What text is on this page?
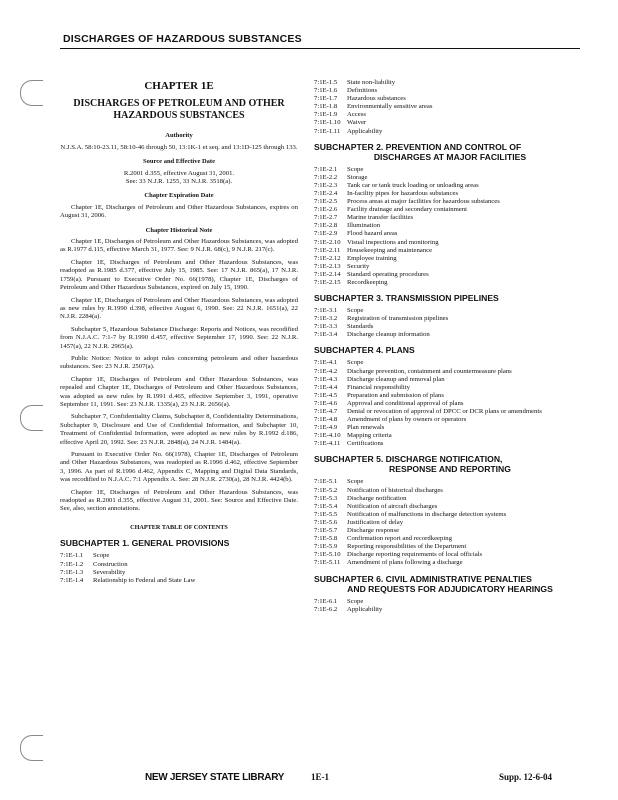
DISCHARGES OF HAZARDOUS SUBSTANCES
CHAPTER 1E
DISCHARGES OF PETROLEUM AND OTHER HAZARDOUS SUBSTANCES
Authority
N.J.S.A. 58:10-23.11, 58:10-46 through 50, 13:1K-1 et seq. and 13:1D-125 through 133.
Source and Effective Date
R.2001 d.355, effective August 31, 2001.
See: 33 N.J.R. 1255, 33 N.J.R. 3518(a).
Chapter Expiration Date

Chapter 1E, Discharges of Petroleum and Other Hazardous Substances, expires on August 31, 2006.

Chapter Historical Note

Chapter 1E, Discharges of Petroleum and Other Hazardous Substances, was adopted as R.1977 d.115, effective March 31, 1977. See: 9 N.J.R. 68(c), 9 N.J.R. 217(c).

Chapter 1E, Discharges of Petroleum and Other Hazardous Substances, was readopted as R.1985 d.377, effective July 15, 1985. See: 17 N.J.R. 865(a), 17 N.J.R. 1759(a). Pursuant to Executive Order No. 66(1978), Chapter 1E, Discharges of Petroleum and Other Hazardous Substances, expired on July 15, 1990.

Chapter 1E, Discharges of Petroleum and Other Hazardous Substances, was adopted as new rules by R.1990 d.398, effective August 6, 1990. See: 22 N.J.R. 1651(a), 22 N.J.R. 2284(a).

Subchapter 5, Hazardous Substance Discharge: Reports and Notices, was recodified from N.J.A.C. 7:1-7 by R.1990 d.457, effective September 17, 1990. See: 22 N.J.R. 1457(a), 22 N.J.R. 2965(a).

Public Notice: Notice to adopt rules concerning petroleum and other hazardous substances. See: 23 N.J.R. 2507(a).

Chapter 1E, Discharges of Petroleum and Other Hazardous Substances, was repealed and Chapter 1E, Discharges of Petroleum and Other Hazardous Substances, was adopted as new rules by R.1991 d.465, effective September 3, 1991, operative September 11, 1991. See: 23 N.J.R. 1335(a), 23 N.J.R. 2656(a).

Subchapter 7, Confidentiality Claims, Subchapter 8, Confidentiality Determinations, Subchapter 9, Disclosure and Use of Confidential Information, and Subchapter 10, Treatment of Confidential Information, were adopted as new rules by R.1992 d.186, effective April 20, 1992. See: 23 N.J.R. 2848(a), 24 N.J.R. 1484(a).

Pursuant to Executive Order No. 66(1978), Chapter 1E, Discharges of Petroleum and Other Hazardous Substances, was readopted as R.1996 d.462, effective September 3, 1996. As part of R.1996 d.462, Appendix C, Mapping and Digital Data Standards, was recodified to N.J.A.C. 7:1 Appendix A. See: 28 N.J.R. 2730(a), 28 N.J.R. 4424(b).

Chapter 1E, Discharges of Petroleum and Other Hazardous Substances, was readopted as R.2001 d.355, effective August 31, 2001. See: Source and Effective Date. See, also, section annotations.

CHAPTER TABLE OF CONTENTS
SUBCHAPTER 1. GENERAL PROVISIONS
7:1E-1.1	Scope
7:1E-1.2	Construction
7:1E-1.3	Severability
7:1E-1.4	Relationship to Federal and State Law
7:1E-1.5	State non-liability
7:1E-1.6	Definitions
7:1E-1.7	Hazardous substances
7:1E-1.8	Environmentally sensitive areas
7:1E-1.9	Access
7:1E-1.10 Waiver
7:1E-1.11 Applicability
SUBCHAPTER 2. PREVENTION AND CONTROL OF
DISCHARGES AT MAJOR FACILITIES
7:1E-2.1	Scope
7:1E-2.2	Storage
7:1E-2.3	Tank car or tank truck loading or unloading areas
7:1E-2.4	In-facility pipes for hazardous substances
7:1E-2.5	Process areas at major facilities for hazardous substances
7:1E-2.6	Facility drainage and secondary containment
7:1E-2.7	Marine transfer facilities
7:1E-2.8	Illumination
7:1E-2.9	Flood hazard areas
7:1E-2.10 Visual inspections and monitoring
7:1E-2.11 Housekeeping and maintenance
7:1E-2.12 Employee training
7:1E-2.13 Security
7:1E-2.14 Standard operating procedures
7:1E-2.15 Recordkeeping
SUBCHAPTER 3. TRANSMISSION PIPELINES
7:1E-3.1	Scope
7:1E-3.2	Registration of transmission pipelines
7:1E-3.3	Standards
7:1E-3.4	Discharge cleanup information
SUBCHAPTER 4. PLANS
7:1E-4.1	Scope
7:1E-4.2	Discharge prevention, containment and countermeasure plans
7:1E-4.3	Discharge cleanup and removal plan
7:1E-4.4	Financial responsibility
7:1E-4.5	Preparation and submission of plans
7:1E-4.6	Approval and conditional approval of plans
7:1E-4.7	Denial or revocation of approval of DPCC or DCR plans or amendments
7:1E-4.8	Amendment of plans by owners or operators
7:1E-4.9	Plan renewals
7:1E-4.10 Mapping criteria
7:1E-4.11 Certifications
SUBCHAPTER 5. DISCHARGE NOTIFICATION,
RESPONSE AND REPORTING
7:1E-5.1	Scope
7:1E-5.2	Notification of historical discharges
7:1E-5.3	Discharge notification
7:1E-5.4	Notification of aircraft discharges
7:1E-5.5	Notification of malfunctions in discharge detection systems
7:1E-5.6	Justification of delay
7:1E-5.7	Discharge response
7:1E-5.8	Confirmation report and recordkeeping
7:1E-5.9	Reporting responsibilities of the Department
7:1E-5.10 Discharge reporting requirements of local officials
7:1E-5.11 Amendment of plans following a discharge
SUBCHAPTER 6. CIVIL ADMINISTRATIVE PENALTIES
AND REQUESTS FOR ADJUDICATORY HEARINGS
7:1E-6.1	Scope
7:1E-6.2	Applicability
NEW JERSEY STATE LIBRARY	1E-1	Supp. 12-6-04
